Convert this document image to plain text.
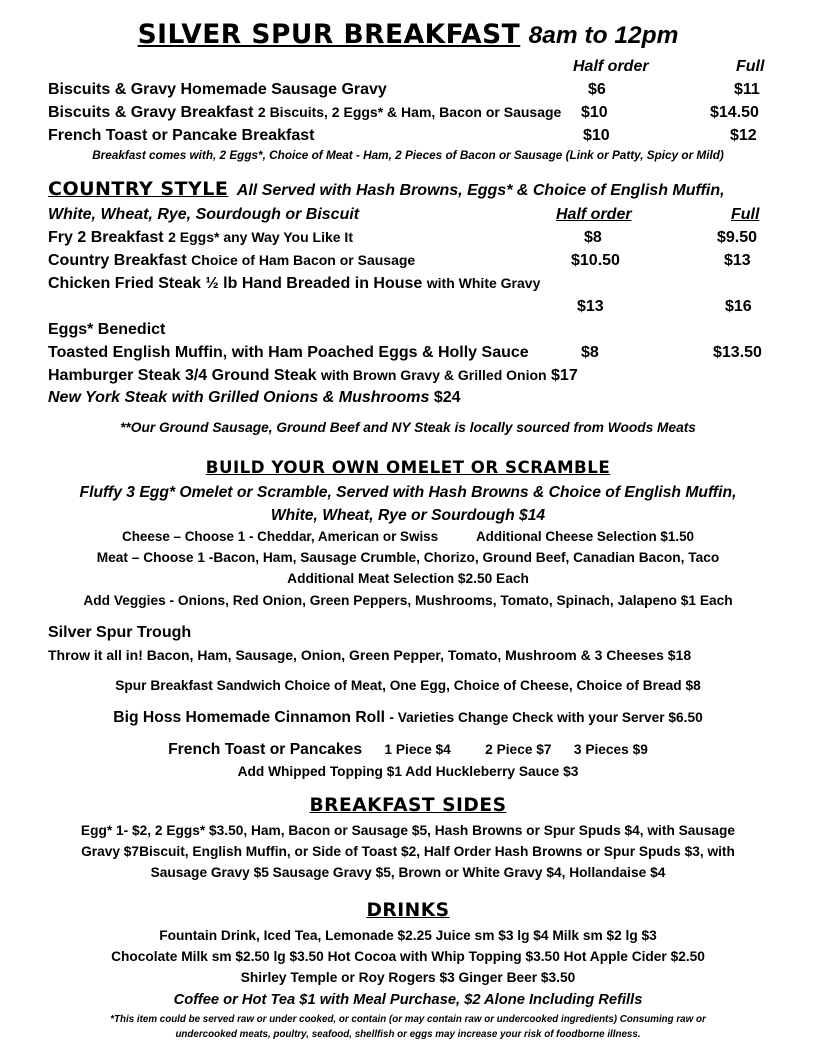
SILVER SPUR BREAKFAST 8am to 12pm
Half order	Full
Biscuits & Gravy Homemade Sausage Gravy	$6	$11
Biscuits & Gravy Breakfast 2 Biscuits, 2 Eggs* & Ham, Bacon or Sausage $10	$14.50
French Toast or Pancake Breakfast	$10	$12
Breakfast comes with, 2 Eggs*, Choice of Meat - Ham, 2 Pieces of Bacon or Sausage (Link or Patty, Spicy or Mild)
COUNTRY STYLE All Served with Hash Browns, Eggs* & Choice of English Muffin,
White, Wheat, Rye, Sourdough or Biscuit	Half order	Full
Fry 2 Breakfast 2 Eggs* any Way You Like It	$8	$9.50
Country Breakfast Choice of Ham Bacon or Sausage	$10.50	$13
Chicken Fried Steak ½ lb Hand Breaded in House with White Gravy
$13	$16
Eggs* Benedict
Toasted English Muffin, with Ham Poached Eggs & Holly Sauce	$8	$13.50
Hamburger Steak 3/4 Ground Steak with Brown Gravy & Grilled Onion $17
New York Steak with Grilled Onions & Mushrooms $24
**Our Ground Sausage, Ground Beef and NY Steak is locally sourced from Woods Meats
BUILD YOUR OWN OMELET OR SCRAMBLE
Fluffy 3 Egg* Omelet or Scramble, Served with Hash Browns & Choice of English Muffin,
White, Wheat, Rye or Sourdough $14
Cheese – Choose 1 - Cheddar, American or Swiss	Additional Cheese Selection $1.50
Meat – Choose 1 -Bacon, Ham, Sausage Crumble, Chorizo, Ground Beef, Canadian Bacon, Taco
Additional Meat Selection $2.50 Each
Add Veggies - Onions, Red Onion, Green Peppers, Mushrooms, Tomato, Spinach, Jalapeno $1 Each
Silver Spur Trough
Throw it all in! Bacon, Ham, Sausage, Onion, Green Pepper, Tomato, Mushroom & 3 Cheeses $18
Spur Breakfast Sandwich Choice of Meat, One Egg, Choice of Cheese, Choice of Bread $8
Big Hoss Homemade Cinnamon Roll - Varieties Change Check with your Server $6.50
French Toast or Pancakes 1 Piece $4	2 Piece $7 3 Pieces $9
Add Whipped Topping $1 Add Huckleberry Sauce $3
BREAKFAST SIDES
Egg* 1- $2, 2 Eggs* $3.50, Ham, Bacon or Sausage $5, Hash Browns or Spur Spuds $4, with Sausage
Gravy $7Biscuit, English Muffin, or Side of Toast $2, Half Order Hash Browns or Spur Spuds $3, with
Sausage Gravy $5 Sausage Gravy $5, Brown or White Gravy $4, Hollandaise $4
DRINKS
Fountain Drink, Iced Tea, Lemonade $2.25 Juice sm $3 lg $4 Milk sm $2 lg $3
Chocolate Milk sm $2.50 lg $3.50 Hot Cocoa with Whip Topping $3.50 Hot Apple Cider $2.50
Shirley Temple or Roy Rogers $3 Ginger Beer $3.50
Coffee or Hot Tea $1 with Meal Purchase, $2 Alone Including Refills
*This item could be served raw or under cooked, or contain (or may contain raw or undercooked ingredients) Consuming raw or
undercooked meats, poultry, seafood, shellfish or eggs may increase your risk of foodborne illness.
